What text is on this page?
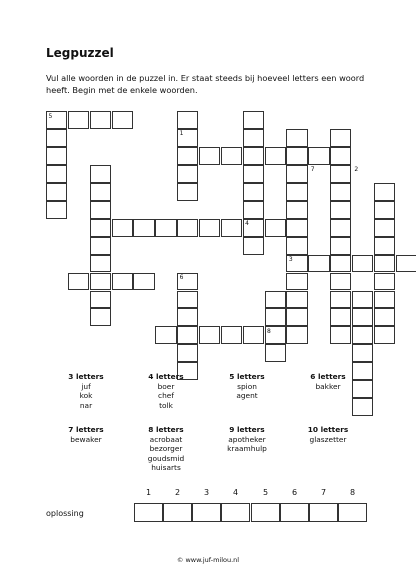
Legpuzzel
Vul alle woorden in de puzzel in. Er staat steeds bij hoeveel letters een woord heeft. Begin met de enkele woorden.
1
2
3
4
5
6
7
8
3 letters
juf
kok
nar
4 letters
boer
chef
tolk
5 letters
spion
agent
6 letters
bakker
7 letters
bewaker
8 letters
acrobaat
bezorger
goudsmid
huisarts
9 letters
apotheker
kraamhulp
10 letters
glaszetter
oplossing
1	2	3	4	5	6	7	8
© www.juf-milou.nl
